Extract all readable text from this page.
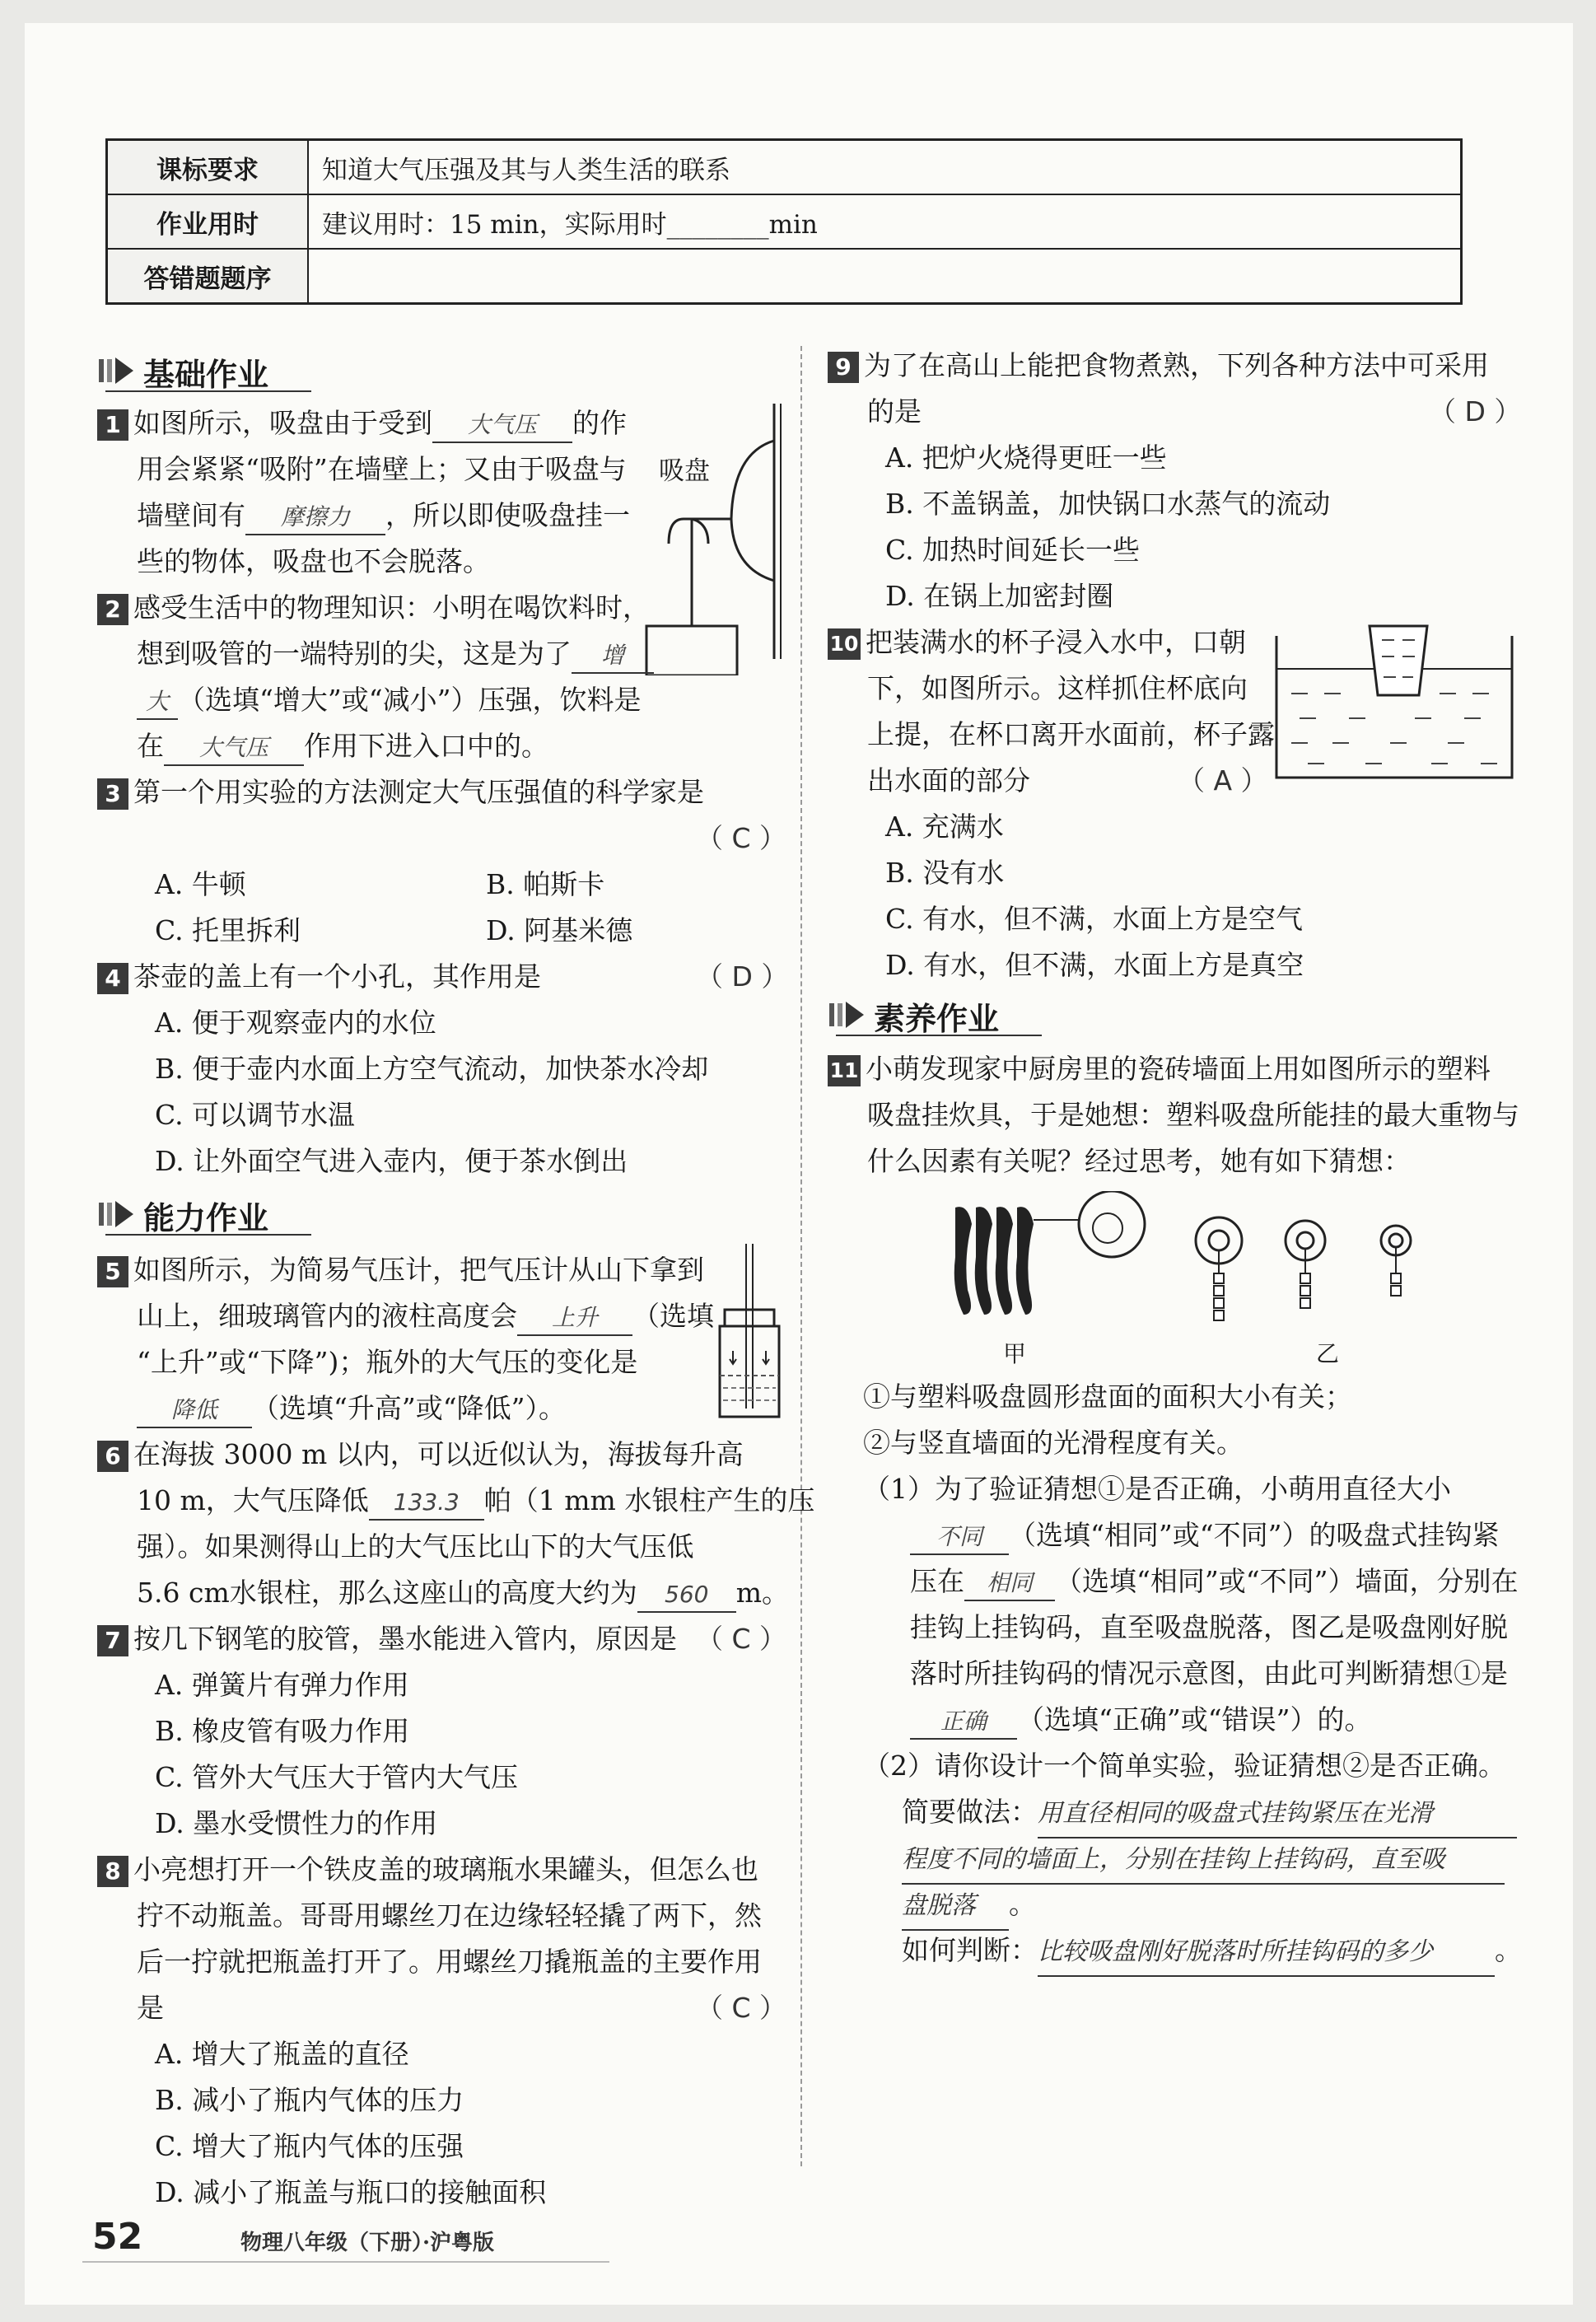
课标要求	知道大气压强及其与人类生活的联系
作业用时	建议用时：15 min，实际用时________min
答错题题序	
基础作业
1 如图所示，吸盘由于受到 大气压 的作
用会紧紧“吸附”在墙壁上；又由于吸盘与
墙壁间有 摩擦力 ，所以即使吸盘挂一
些的物体，吸盘也不会脱落。
吸盘
2 感受生活中的物理知识：小明在喝饮料时，
想到吸管的一端特别的尖，这是为了 增
大 （选填“增大”或“减小”）压强，饮料是
在 大气压 作用下进入口中的。
3 第一个用实验的方法测定大气压强值的科学家是
（ C ）
A. 牛顿	B. 帕斯卡
C. 托里拆利	D. 阿基米德
4 茶壶的盖上有一个小孔，其作用是	（ D ）
A. 便于观察壶内的水位
B. 便于壶内水面上方空气流动，加快茶水冷却
C. 可以调节水温
D. 让外面空气进入壶内，便于茶水倒出
能力作业
5 如图所示，为简易气压计，把气压计从山下拿到
山上，细玻璃管内的液柱高度会 上升 （选填
“上升”或“下降”)；瓶外的大气压的变化是
降低 （选填“升高”或“降低”）。
6 在海拔 3000 m 以内，可以近似认为，海拔每升高
10 m，大气压降低 133.3 帕（1 mm 水银柱产生的压
强）。如果测得山上的大气压比山下的大气压低
5.6 cm水银柱，那么这座山的高度大约为 560 m。
7 按几下钢笔的胶管，墨水能进入管内，原因是 （ C ）
A. 弹簧片有弹力作用
B. 橡皮管有吸力作用
C. 管外大气压大于管内大气压
D. 墨水受惯性力的作用
8 小亮想打开一个铁皮盖的玻璃瓶水果罐头，但怎么也
拧不动瓶盖。哥哥用螺丝刀在边缘轻轻撬了两下，然
后一拧就把瓶盖打开了。用螺丝刀撬瓶盖的主要作用
是	（ C ）
A. 增大了瓶盖的直径
B. 减小了瓶内气体的压力
C. 增大了瓶内气体的压强
D. 减小了瓶盖与瓶口的接触面积
9 为了在高山上能把食物煮熟，下列各种方法中可采用
的是	（ D ）
A. 把炉火烧得更旺一些
B. 不盖锅盖，加快锅口水蒸气的流动
C. 加热时间延长一些
D. 在锅上加密封圈
10 把装满水的杯子浸入水中，口朝
下，如图所示。这样抓住杯底向
上提，在杯口离开水面前，杯子露
出水面的部分	（ A ）
A. 充满水
B. 没有水
C. 有水，但不满，水面上方是空气
D. 有水，但不满，水面上方是真空
素养作业
11 小萌发现家中厨房里的瓷砖墙面上用如图所示的塑料
吸盘挂炊具，于是她想：塑料吸盘所能挂的最大重物与
什么因素有关呢？经过思考，她有如下猜想：
甲	乙
①与塑料吸盘圆形盘面的面积大小有关；
②与竖直墙面的光滑程度有关。
（1）为了验证猜想①是否正确，小萌用直径大小
不同 （选填“相同”或“不同”）的吸盘式挂钩紧
压在 相同 （选填“相同”或“不同”）墙面，分别在
挂钩上挂钩码，直至吸盘脱落，图乙是吸盘刚好脱
落时所挂钩码的情况示意图，由此可判断猜想①是
正确 （选填“正确”或“错误”）的。
（2）请你设计一个简单实验，验证猜想②是否正确。
简要做法：用直径相同的吸盘式挂钩紧压在光滑
程度不同的墙面上，分别在挂钩上挂钩码，直至吸
盘脱落 。
如何判断：比较吸盘刚好脱落时所挂钩码的多少 。
52	物理八年级（下册）·沪粤版
